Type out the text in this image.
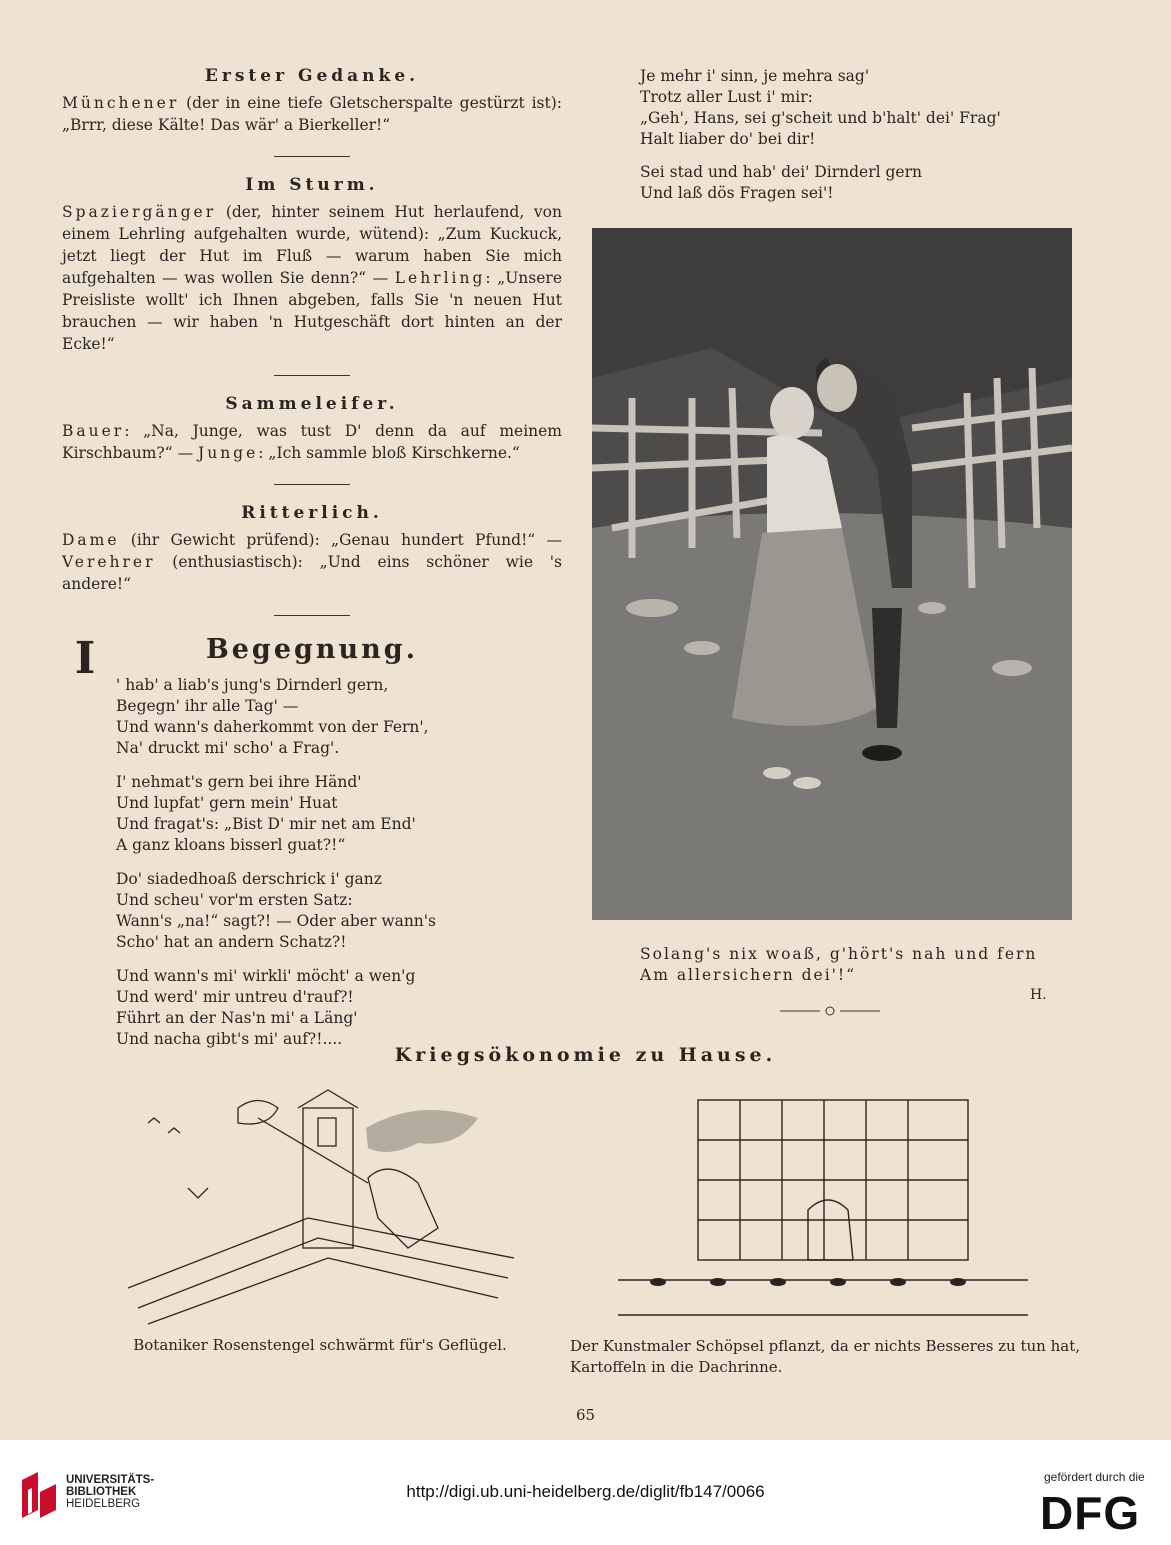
Erster Gedanke.

Münchener (der in eine tiefe Gletscherspalte gestürzt ist): „Brrr, diese Kälte! Das wär' a Bierkeller!“

Im Sturm.

Spaziergänger (der, hinter seinem Hut herlaufend, von einem Lehrling aufgehalten wurde, wütend): „Zum Kuckuck, jetzt liegt der Hut im Fluß — warum haben Sie mich aufgehalten — was wollen Sie denn?“ — Lehrling: „Unsere Preisliste wollt' ich Ihnen abgeben, falls Sie 'n neuen Hut brauchen — wir haben 'n Hutgeschäft dort hinten an der Ecke!“

Sammeleifer.

Bauer: „Na, Junge, was tust D' denn da auf meinem Kirschbaum?“ — Junge: „Ich sammle bloß Kirschkerne.“

Ritterlich.

Dame (ihr Gewicht prüfend): „Genau hundert Pfund!“ — Verehrer (enthusiastisch): „Und eins schöner wie 's andere!“

Begegnung.
' hab' a liab's jung's Dirnderl gern,
Begegn' ihr alle Tag' —
Und wann's daherkommt von der Fern',
Na' druckt mi' scho' a Frag'.
I' nehmat's gern bei ihre Händ'
Und lupfat' gern mein' Huat
Und fragat's: „Bist D' mir net am End'
A ganz kloans bisserl guat?!“
Do' siadedhoaß derschrick i' ganz
Und scheu' vor'm ersten Satz:
Wann's „na!“ sagt?! — Oder aber wann's
Scho' hat an andern Schatz?!
Und wann's mi' wirkli' möcht' a wen'g
Und werd' mir untreu d'rauf?!
Führt an der Nas'n mi' a Läng'
Und nacha gibt's mi' auf?!....
I
Je mehr i' sinn, je mehra sag'
Trotz aller Lust i' mir:
„Geh', Hans, sei g'scheit und b'halt' dei' Frag'
Halt liaber do' bei dir!
Sei stad und hab' dei' Dirnderl gern
Und laß dös Fragen sei'!
Solang's nix woaß, g'hört's nah und fern
Am allersichern dei'!“
H.
Kriegsökonomie zu Hause.
Botaniker Rosenstengel schwärmt für's Geflügel.	Der Kunstmaler Schöpsel pflanzt, da er nichts Besseres zu tun hat, Kartoffeln in die Dachrinne.
65
UNIVERSITÄTS-
BIBLIOTHEK
HEIDELBERG
http://digi.ub.uni-heidelberg.de/diglit/fb147/0066
gefördert durch die
DFG
